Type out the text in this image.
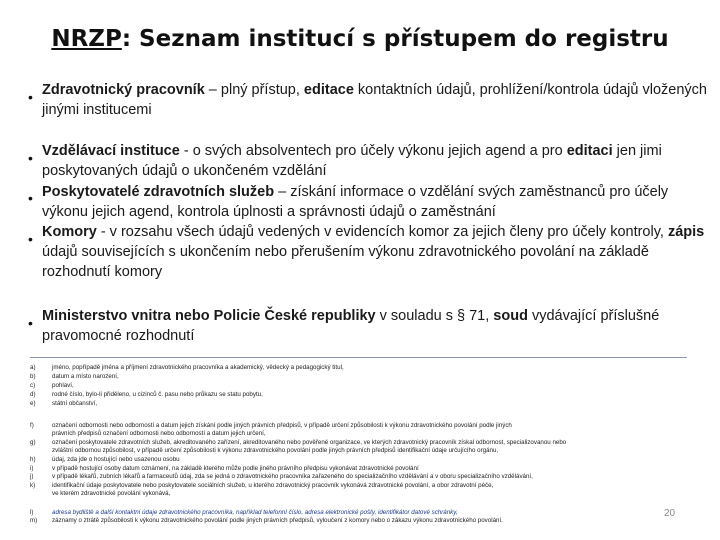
NRZP: Seznam institucí s přístupem do registru
• Zdravotnický pracovník – plný přístup, editace kontaktních údajů, prohlížení/kontrola údajů vložených jinými institucemi
• Vzdělávací instituce - o svých absolventech pro účely výkonu jejich agend a pro editaci jen jimi poskytovaných údajů o ukončeném vzdělání
• Poskytovatelé zdravotních služeb – získání informace o vzdělání svých zaměstnanců pro účely výkonu jejich agend, kontrola úplnosti a správnosti údajů o zaměstnání
• Komory - v rozsahu všech údajů vedených v evidencích komor za jejich členy pro účely kontroly, zápis údajů souvisejících s ukončením nebo přerušením výkonu zdravotnického povolání na základě rozhodnutí komory
• Ministerstvo vnitra nebo Policie České republiky v souladu s § 71, soud vydávající příslušné pravomocné rozhodnutí
a)	jméno, popřípadě jména a příjmení zdravotnického pracovníka a akademický, vědecký a pedagogický titul,
b)	datum a místo narození,
c)	pohlaví,
d)	rodné číslo, bylo-li přiděleno, u cizinců č. pasu nebo průkazu se statu pobytu,
e)	státní občanství,
f)	označení odbornosti nebo odborností a datum jejich získání podle jiných právních předpisů, v případě určení způsobilosti k výkonu zdravotnického povolání podle jiných
právních předpisů označení odbornosti nebo odborností a datum jejich určení,
g)	označení poskytovatele zdravotních služeb, akreditovaného zařízení, akreditovaného nebo pověřené organizace, ve kterých zdravotnický pracovník získal odbornost, specializovanou nebo
zvláštní odbornou způsobilost, v případě určení způsobilosti k výkonu zdravotnického povolání podle jiných právních předpisů identifikační údaje určujícího orgánu,
h)	údaj, zda jde o hostující nebo usazenou osobu
i)	v případě hostující osoby datum oznámení, na základě kterého může podle jiného právního předpisu vykonávat zdravotnické povolání
j)	v případě lékařů, zubních lékařů a farmaceutů údaj, zda se jedná o zdravotnického pracovníka zařazeného do specializačního vzdělávání a v oboru specializačního vzdělávání,
k)	identifikační údaje poskytovatele nebo poskytovatele sociálních služeb, u kterého zdravotnický pracovník vykonává zdravotnické povolání, a obor zdravotní péče,
ve kterém zdravotnické povolání vykonává,
l)	adresa bydliště a další kontaktní údaje zdravotnického pracovníka, například telefonní číslo, adresa elektronické pošty, identifikátor datové schránky,
m) záznamy o ztrátě způsobilosti k výkonu zdravotnického povolání podle jiných právních předpisů, vyloučení z komory nebo o zákazu výkonu zdravotnického povolání.
20
